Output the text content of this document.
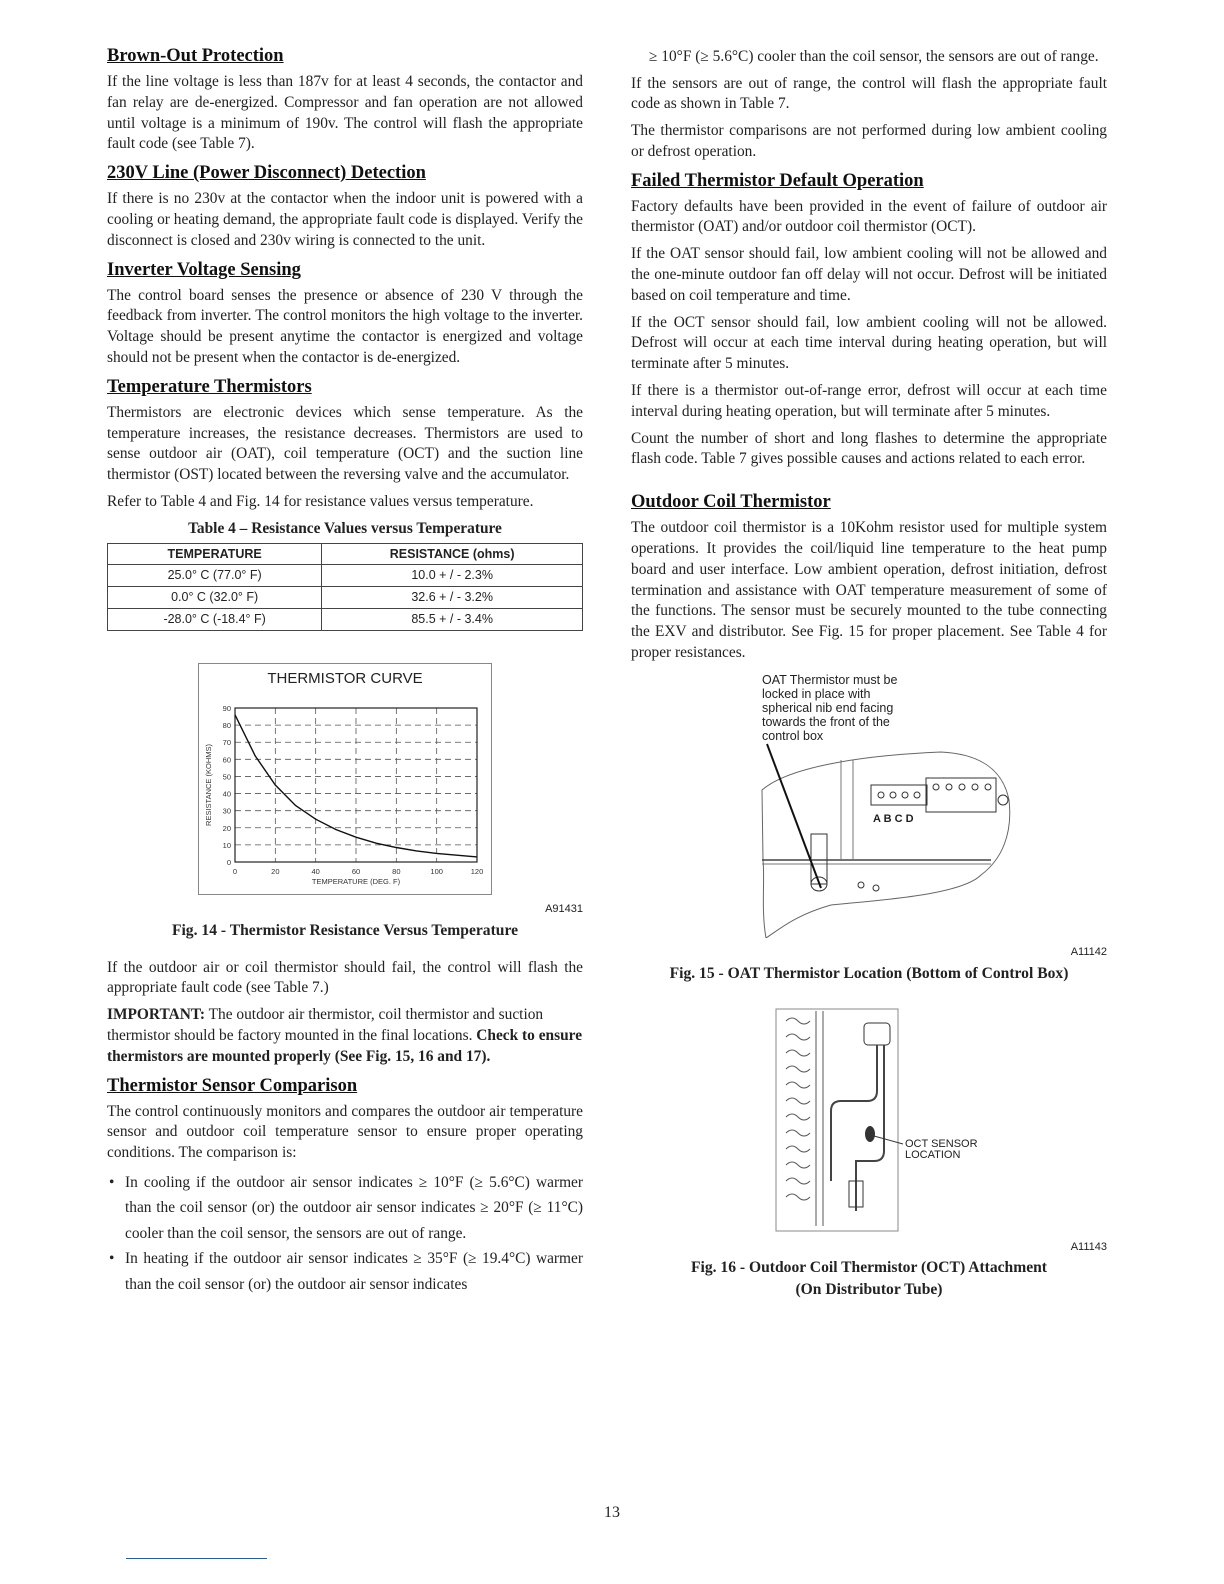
Brown-Out Protection

If the line voltage is less than 187v for at least 4 seconds, the contactor and fan relay are de-energized. Compressor and fan operation are not allowed until voltage is a minimum of 190v. The control will flash the appropriate fault code (see Table 7).

230V Line (Power Disconnect) Detection

If there is no 230v at the contactor when the indoor unit is powered with a cooling or heating demand, the appropriate fault code is displayed. Verify the disconnect is closed and 230v wiring is connected to the unit.

Inverter Voltage Sensing

The control board senses the presence or absence of 230 V through the feedback from inverter. The control monitors the high voltage to the inverter. Voltage should be present anytime the contactor is energized and voltage should not be present when the contactor is de-energized.

Temperature Thermistors

Thermistors are electronic devices which sense temperature. As the temperature increases, the resistance decreases. Thermistors are used to sense outdoor air (OAT), coil temperature (OCT) and the suction line thermistor (OST) located between the reversing valve and the accumulator.

Refer to Table 4 and Fig. 14 for resistance values versus temperature.

Table 4 – Resistance Values versus Temperature
TEMPERATURE	RESISTANCE (ohms)
25.0° C (77.0° F)	10.0 + / - 2.3%
0.0° C (32.0° F)	32.6 + / - 3.2%
-28.0° C (-18.4° F)	85.5 + / - 3.4%
THERMISTOR CURVE
0
10
20
30
40
50
60
70
80
90
0	20	40	60	80	100	120
TEMPERATURE (DEG. F)
RESISTANCE (KOHMS)
A91431
Fig. 14 - Thermistor Resistance Versus Temperature

If the outdoor air or coil thermistor should fail, the control will flash the appropriate fault code (see Table 7.)

IMPORTANT: The outdoor air thermistor, coil thermistor and suction thermistor should be factory mounted in the final locations. Check to ensure thermistors are mounted properly (See Fig. 15, 16 and 17).

Thermistor Sensor Comparison

The control continuously monitors and compares the outdoor air temperature sensor and outdoor coil temperature sensor to ensure proper operating conditions. The comparison is:

• In cooling if the outdoor air sensor indicates ≥ 10°F (≥ 5.6°C) warmer than the coil sensor (or) the outdoor air sensor indicates ≥ 20°F (≥ 11°C) cooler than the coil sensor, the sensors are out of range.
• In heating if the outdoor air sensor indicates ≥ 35°F (≥ 19.4°C) warmer than the coil sensor (or) the outdoor air sensor indicates

≥ 10°F (≥ 5.6°C) cooler than the coil sensor, the sensors are out of range.

If the sensors are out of range, the control will flash the appropriate fault code as shown in Table 7.

The thermistor comparisons are not performed during low ambient cooling or defrost operation.

Failed Thermistor Default Operation

Factory defaults have been provided in the event of failure of outdoor air thermistor (OAT) and/or outdoor coil thermistor (OCT).

If the OAT sensor should fail, low ambient cooling will not be allowed and the one-minute outdoor fan off delay will not occur. Defrost will be initiated based on coil temperature and time.

If the OCT sensor should fail, low ambient cooling will not be allowed. Defrost will occur at each time interval during heating operation, but will terminate after 5 minutes.

If there is a thermistor out-of-range error, defrost will occur at each time interval during heating operation, but will terminate after 5 minutes.

Count the number of short and long flashes to determine the appropriate flash code. Table 7 gives possible causes and actions related to each error.

Outdoor Coil Thermistor

The outdoor coil thermistor is a 10Kohm resistor used for multiple system operations. It provides the coil/liquid line temperature to the heat pump board and user interface. Low ambient operation, defrost initiation, defrost termination and assistance with OAT temperature measurement of some of the functions. The sensor must be securely mounted to the tube connecting the EXV and distributor. See Fig. 15 for proper placement. See Table 4 for proper resistances.

OAT Thermistor must be
locked in place with
spherical nib end facing
towards the front of the
control box
A B C D
A11142
Fig. 15 - OAT Thermistor Location (Bottom of Control Box)
OCT SENSOR
LOCATION
A11143
Fig. 16 - Outdoor Coil Thermistor (OCT) Attachment
(On Distributor Tube)
13
